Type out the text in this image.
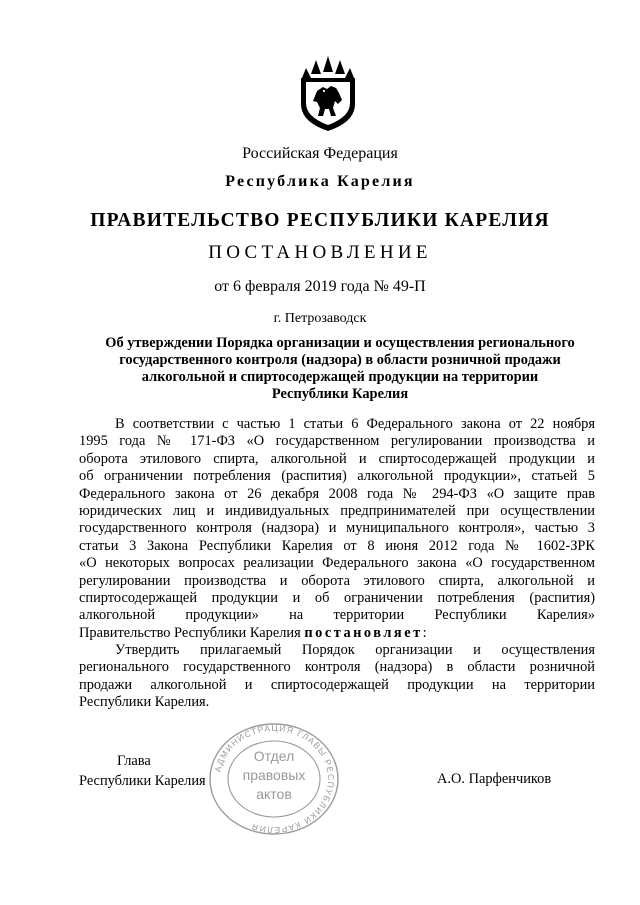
Российская Федерация
Республика Карелия
ПРАВИТЕЛЬСТВО РЕСПУБЛИКИ КАРЕЛИЯ
ПОСТАНОВЛЕНИЕ
от 6 февраля 2019 года № 49-П
г. Петрозаводск
Об утверждении Порядка организации и осуществления регионального
государственного контроля (надзора) в области розничной продажи
алкогольной и спиртосодержащей продукции на территории
Республики Карелия
В соответствии с частью 1 статьи 6 Федерального закона от 22 ноября
1995 года № 171-ФЗ «О государственном регулировании производства и
оборота этилового спирта, алкогольной и спиртосодержащей продукции и
об ограничении потребления (распития) алкогольной продукции», статьей 5
Федерального закона от 26 декабря 2008 года № 294-ФЗ «О защите прав
юридических лиц и индивидуальных предпринимателей при осуществлении
государственного контроля (надзора) и муниципального контроля», частью 3
статьи 3 Закона Республики Карелия от 8 июня 2012 года № 1602-ЗРК
«О некоторых вопросах реализации Федерального закона «О государственном
регулировании производства и оборота этилового спирта, алкогольной и
спиртосодержащей продукции и об ограничении потребления (распития)
алкогольной продукции» на территории Республики Карелия»
Правительство Республики Карелия постановляет:
Утвердить прилагаемый Порядок организации и осуществления
регионального государственного контроля (надзора) в области розничной
продажи алкогольной и спиртосодержащей продукции на территории
Республики Карелия.
Глава
Республики Карелия	А.О. Парфенчиков
АДМИНИСТРАЦИЯ ГЛАВЫ РЕСПУБЛИКИ КАРЕЛИЯ
Отдел
правовых
актов
